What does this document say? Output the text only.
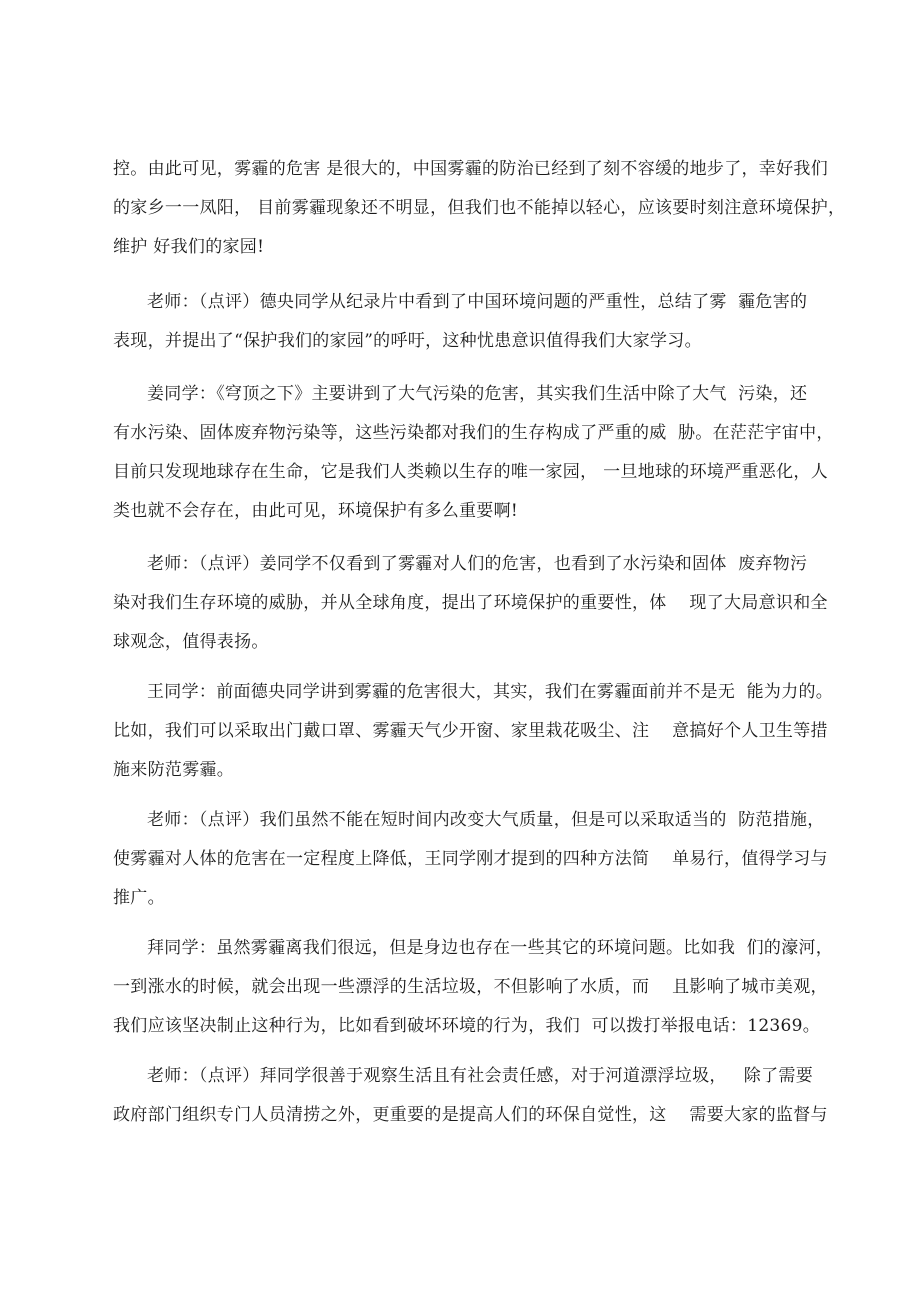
控。由此可见，雾霾的危害 是很大的，中国雾霾的防治已经到了刻不容缓的地步了，幸好我们
的家乡一一凤阳， 目前雾霾现象还不明显，但我们也不能掉以轻心，应该要时刻注意环境保护，
维护 好我们的家园!
老师：（点评）德央同学从纪录片中看到了中国环境问题的严重性，总结了雾  霾危害的
表现，并提出了“保护我们的家园”的呼吁，这种忧患意识值得我们大家学习。
姜同学：《穹顶之下》主要讲到了大气污染的危害，其实我们生活中除了大气  污染，还
有水污染、固体废弃物污染等，这些污染都对我们的生存构成了严重的威  胁。在茫茫宇宙中，
目前只发现地球存在生命，它是我们人类赖以生存的唯一家园， 一旦地球的环境严重恶化，人
类也就不会存在，由此可见，环境保护有多么重要啊!
老师：（点评）姜同学不仅看到了雾霾对人们的危害，也看到了水污染和固体  废弃物污
染对我们生存环境的威胁，并从全球角度，提出了环境保护的重要性，体    现了大局意识和全
球观念，值得表扬。
王同学：前面德央同学讲到雾霾的危害很大，其实，我们在雾霾面前并不是无  能为力的。
比如，我们可以采取出门戴口罩、雾霾天气少开窗、家里栽花吸尘、注    意搞好个人卫生等措
施来防范雾霾。
老师：（点评）我们虽然不能在短时间内改变大气质量，但是可以采取适当的  防范措施，
使雾霾对人体的危害在一定程度上降低，王同学刚才提到的四种方法简    单易行，值得学习与
推广。
拜同学：虽然雾霾离我们很远，但是身边也存在一些其它的环境问题。比如我  们的濠河，
一到涨水的时候，就会出现一些漂浮的生活垃圾，不但影响了水质，而    且影响了城市美观，
我们应该坚决制止这种行为，比如看到破坏环境的行为，我们  可以拨打举报电话：12369。
老师：（点评）拜同学很善于观察生活且有社会责任感，对于河道漂浮垃圾，   除了需要
政府部门组织专门人员清捞之外，更重要的是提高人们的环保自觉性，这    需要大家的监督与
